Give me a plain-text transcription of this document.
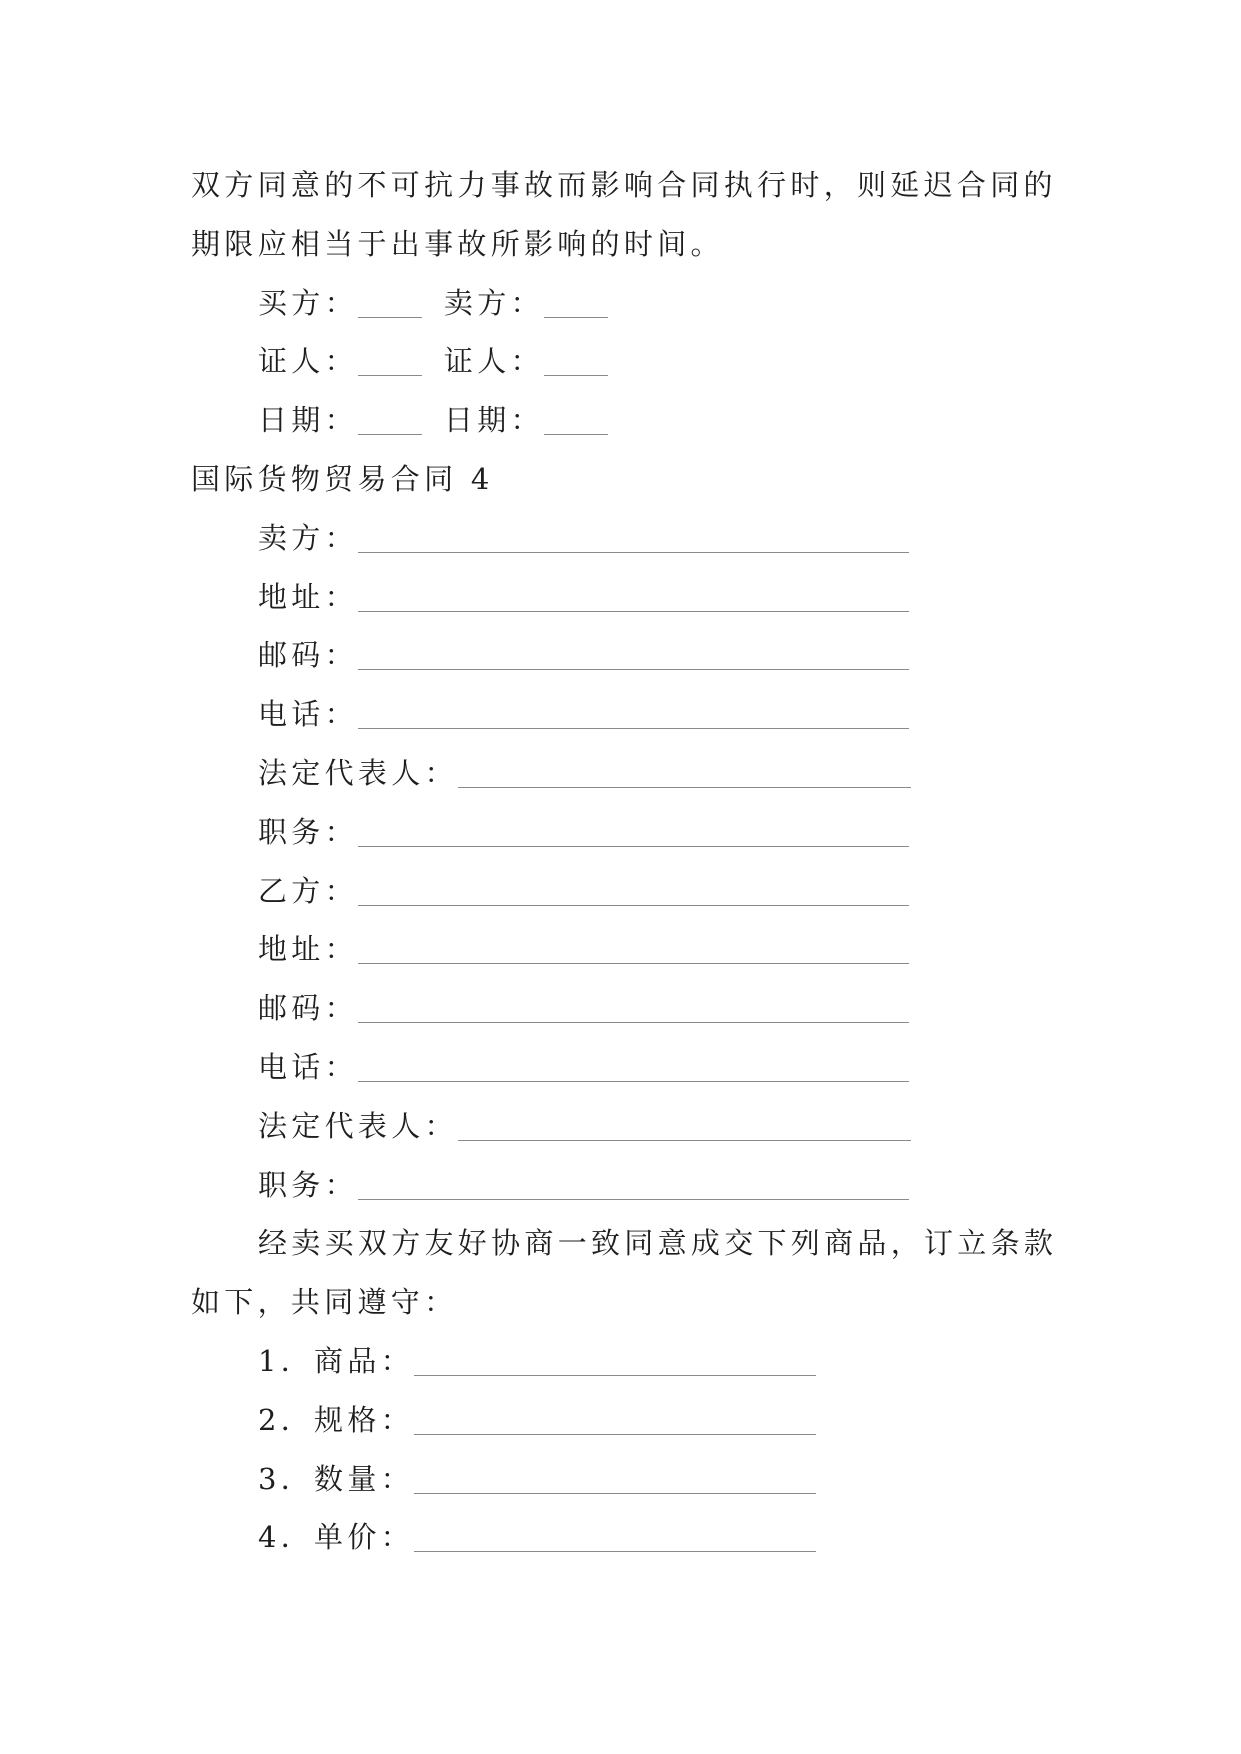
双方同意的不可抗力事故而影响合同执行时，则延迟合同的
期限应相当于出事故所影响的时间。
买方：	卖方：
证人：	证人：
日期：	日期：
国际货物贸易合同 4
卖方：
地址：
邮码：
电话：
法定代表人：
职务：
乙方：
地址：
邮码：
电话：
法定代表人：
职务：
经卖买双方友好协商一致同意成交下列商品，订立条款
如下，共同遵守：
1．商品：
2．规格：
3．数量：
4．单价：
